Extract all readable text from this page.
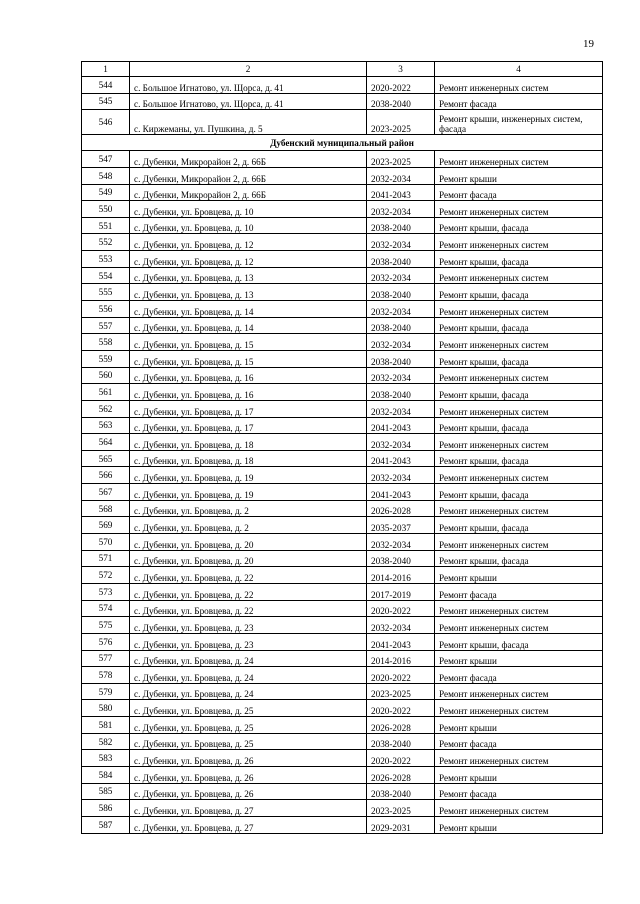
19
1	2	3	4
544	с. Большое Игнатово, ул. Щорса, д. 41	2020-2022	Ремонт инженерных систем
545	с. Большое Игнатово, ул. Щорса, д. 41	2038-2040	Ремонт фасада
546	с. Киржеманы, ул. Пушкина, д. 5	2023-2025	Ремонт крыши, инженерных систем, фасада
Дубенский муниципальный район			
547	с. Дубенки, Микрорайон 2, д. 66Б	2023-2025	Ремонт инженерных систем
548	с. Дубенки, Микрорайон 2, д. 66Б	2032-2034	Ремонт крыши
549	с. Дубенки, Микрорайон 2, д. 66Б	2041-2043	Ремонт фасада
550	с. Дубенки, ул. Бровцева, д. 10	2032-2034	Ремонт инженерных систем
551	с. Дубенки, ул. Бровцева, д. 10	2038-2040	Ремонт крыши, фасада
552	с. Дубенки, ул. Бровцева, д. 12	2032-2034	Ремонт инженерных систем
553	с. Дубенки, ул. Бровцева, д. 12	2038-2040	Ремонт крыши, фасада
554	с. Дубенки, ул. Бровцева, д. 13	2032-2034	Ремонт инженерных систем
555	с. Дубенки, ул. Бровцева, д. 13	2038-2040	Ремонт крыши, фасада
556	с. Дубенки, ул. Бровцева, д. 14	2032-2034	Ремонт инженерных систем
557	с. Дубенки, ул. Бровцева, д. 14	2038-2040	Ремонт крыши, фасада
558	с. Дубенки, ул. Бровцева, д. 15	2032-2034	Ремонт инженерных систем
559	с. Дубенки, ул. Бровцева, д. 15	2038-2040	Ремонт крыши, фасада
560	с. Дубенки, ул. Бровцева, д. 16	2032-2034	Ремонт инженерных систем
561	с. Дубенки, ул. Бровцева, д. 16	2038-2040	Ремонт крыши, фасада
562	с. Дубенки, ул. Бровцева, д. 17	2032-2034	Ремонт инженерных систем
563	с. Дубенки, ул. Бровцева, д. 17	2041-2043	Ремонт крыши, фасада
564	с. Дубенки, ул. Бровцева, д. 18	2032-2034	Ремонт инженерных систем
565	с. Дубенки, ул. Бровцева, д. 18	2041-2043	Ремонт крыши, фасада
566	с. Дубенки, ул. Бровцева, д. 19	2032-2034	Ремонт инженерных систем
567	с. Дубенки, ул. Бровцева, д. 19	2041-2043	Ремонт крыши, фасада
568	с. Дубенки, ул. Бровцева, д. 2	2026-2028	Ремонт инженерных систем
569	с. Дубенки, ул. Бровцева, д. 2	2035-2037	Ремонт крыши, фасада
570	с. Дубенки, ул. Бровцева, д. 20	2032-2034	Ремонт инженерных систем
571	с. Дубенки, ул. Бровцева, д. 20	2038-2040	Ремонт крыши, фасада
572	с. Дубенки, ул. Бровцева, д. 22	2014-2016	Ремонт крыши
573	с. Дубенки, ул. Бровцева, д. 22	2017-2019	Ремонт фасада
574	с. Дубенки, ул. Бровцева, д. 22	2020-2022	Ремонт инженерных систем
575	с. Дубенки, ул. Бровцева, д. 23	2032-2034	Ремонт инженерных систем
576	с. Дубенки, ул. Бровцева, д. 23	2041-2043	Ремонт крыши, фасада
577	с. Дубенки, ул. Бровцева, д. 24	2014-2016	Ремонт крыши
578	с. Дубенки, ул. Бровцева, д. 24	2020-2022	Ремонт фасада
579	с. Дубенки, ул. Бровцева, д. 24	2023-2025	Ремонт инженерных систем
580	с. Дубенки, ул. Бровцева, д. 25	2020-2022	Ремонт инженерных систем
581	с. Дубенки, ул. Бровцева, д. 25	2026-2028	Ремонт крыши
582	с. Дубенки, ул. Бровцева, д. 25	2038-2040	Ремонт фасада
583	с. Дубенки, ул. Бровцева, д. 26	2020-2022	Ремонт инженерных систем
584	с. Дубенки, ул. Бровцева, д. 26	2026-2028	Ремонт крыши
585	с. Дубенки, ул. Бровцева, д. 26	2038-2040	Ремонт фасада
586	с. Дубенки, ул. Бровцева, д. 27	2023-2025	Ремонт инженерных систем
587	с. Дубенки, ул. Бровцева, д. 27	2029-2031	Ремонт крыши
